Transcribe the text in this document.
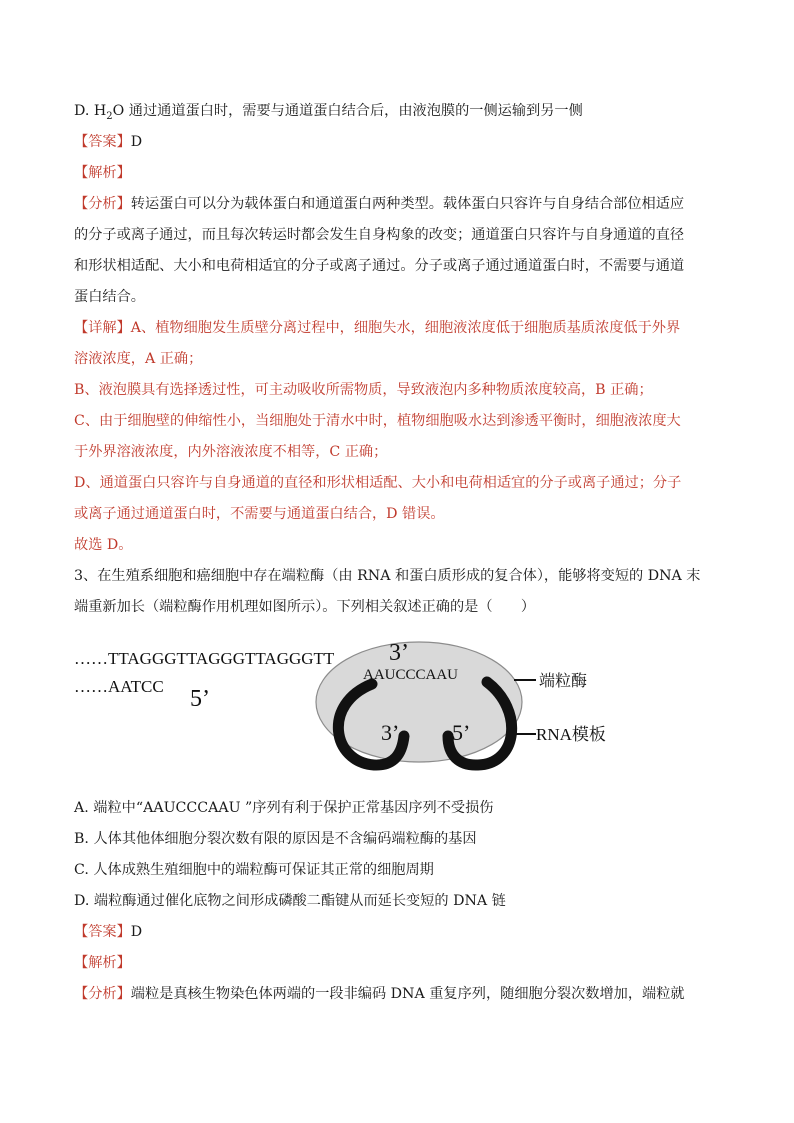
D. $H_2O$ 通过通道蛋白时，需要与通道蛋白结合后，由液泡膜的一侧运输到另一侧
【答案】D
【解析】
【分析】转运蛋白可以分为载体蛋白和通道蛋白两种类型。载体蛋白只容许与自身结合部位相适应
的分子或离子通过，而且每次转运时都会发生自身构象的改变；通道蛋白只容许与自身通道的直径
和形状相适配、大小和电荷相适宜的分子或离子通过。分子或离子通过通道蛋白时，不需要与通道
蛋白结合。
【详解】A、植物细胞发生质壁分离过程中，细胞失水，细胞液浓度低于细胞质基质浓度低于外界
溶液浓度，A 正确；
B、液泡膜具有选择透过性，可主动吸收所需物质，导致液泡内多种物质浓度较高，B 正确；
C、由于细胞壁的伸缩性小，当细胞处于清水中时，植物细胞吸水达到渗透平衡时，细胞液浓度大
于外界溶液浓度，内外溶液浓度不相等，C 正确；
D、通道蛋白只容许与自身通道的直径和形状相适配、大小和电荷相适宜的分子或离子通过；分子
或离子通过通道蛋白时，不需要与通道蛋白结合，D 错误。
故选 D。
3、在生殖系细胞和癌细胞中存在端粒酶（由 RNA 和蛋白质形成的复合体），能够将变短的 DNA 末
端重新加长（端粒酶作用机理如图所示）。下列相关叙述正确的是（　　）
……TTAGGGTTAGGGTTAGGGTT
……AATCC
3’
5’
AAUCCCAAU
3’ 5’
端粒酶
RNA模板
A. 端粒中“AAUCCCAAU ”序列有利于保护正常基因序列不受损伤
B. 人体其他体细胞分裂次数有限的原因是不含编码端粒酶的基因
C. 人体成熟生殖细胞中的端粒酶可保证其正常的细胞周期
D. 端粒酶通过催化底物之间形成磷酸二酯键从而延长变短的 DNA 链
【答案】D
【解析】
【分析】端粒是真核生物染色体两端的一段非编码 DNA 重复序列，随细胞分裂次数增加，端粒就
